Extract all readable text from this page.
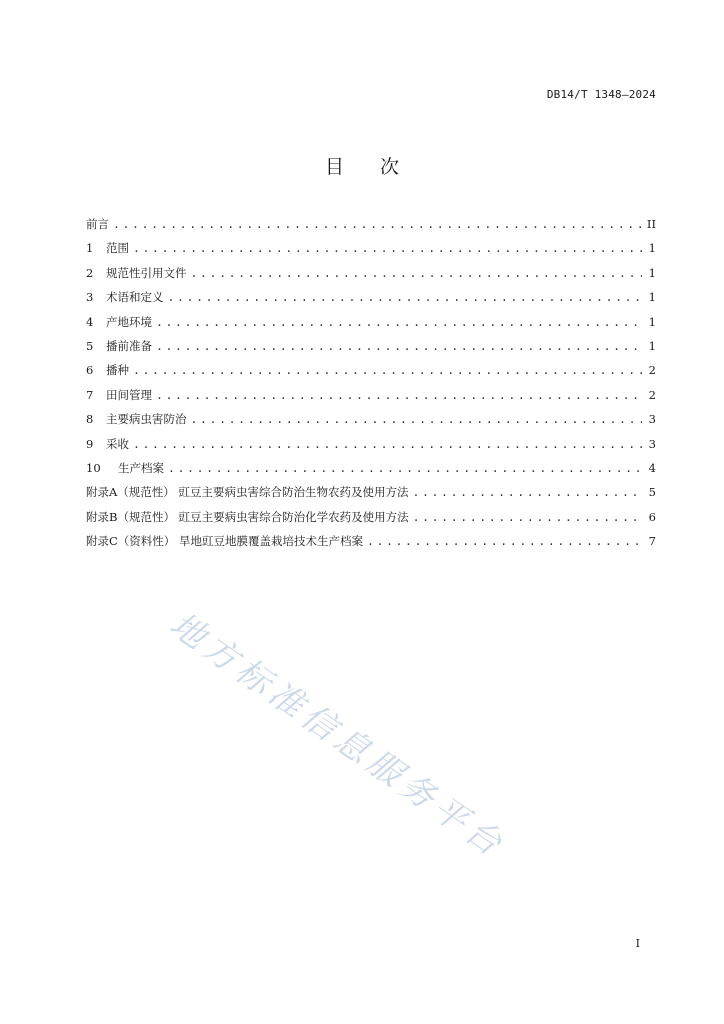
DB14/T 1348—2024
目次
前言 .....	II
1	范围 .....	1
2	规范性引用文件 .....	1
3	术语和定义 .....	1
4	产地环境 .....	1
5	播前准备 .....	1
6	播种 .....	2
7	田间管理 .....	2
8	主要病虫害防治 .....	3
9	采收 .....	3
10	生产档案 .....	4
附录A（规范性） 豇豆主要病虫害综合防治生物农药及使用方法 .....	5
附录B（规范性） 豇豆主要病虫害综合防治化学农药及使用方法 .....	6
附录C（资料性） 旱地豇豆地膜覆盖栽培技术生产档案 .....	7
地方标准信息服务平台
I
